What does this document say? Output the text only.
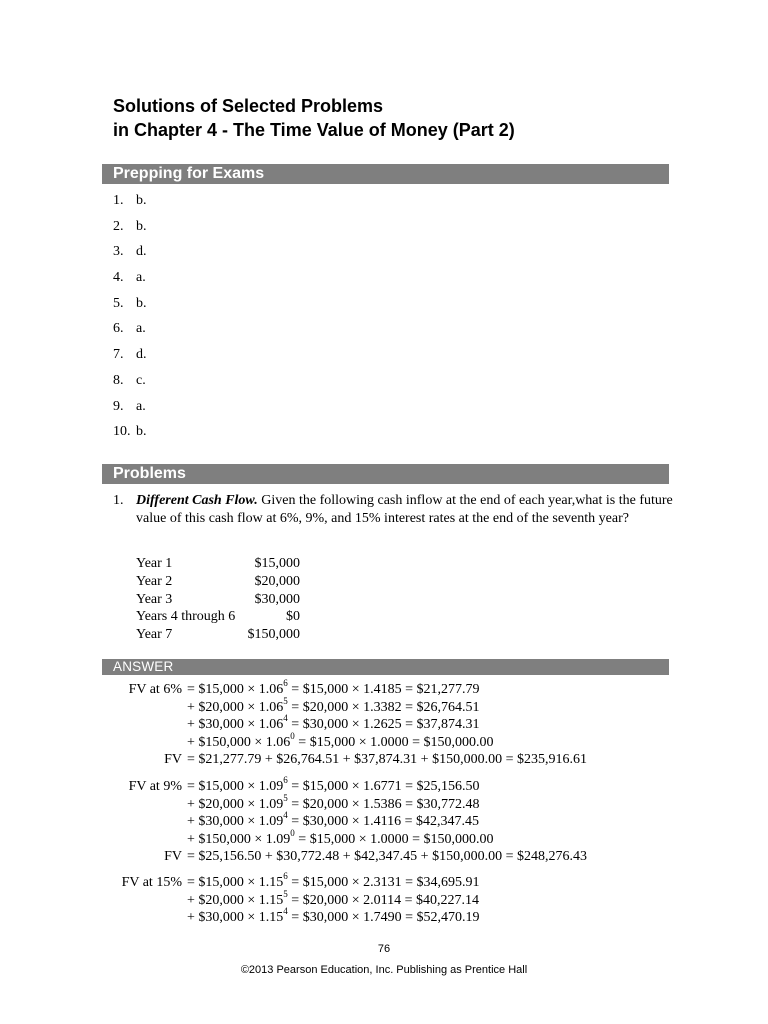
Solutions of Selected Problems
in Chapter 4 - The Time Value of Money (Part 2)
Prepping for Exams
1. b.
2. b.
3. d.
4. a.
5. b.
6. a.
7. d.
8. c.
9. a.
10. b.
Problems
1. Different Cash Flow. Given the following cash inflow at the end of each year,what is the future value of this cash flow at 6%, 9%, and 15% interest rates at the end of the seventh year?
Year 1	$15,000
Year 2	$20,000
Year 3	$30,000
Years 4 through 6	$0
Year 7	$150,000
ANSWER
FV at 6% = $15,000 × $1.06^6$ = $15,000 × 1.4185 = $21,277.79
+ $20,000 × $1.06^5$ = $20,000 × 1.3382 = $26,764.51
+ $30,000 × $1.06^4$ = $30,000 × 1.2625 = $37,874.31
+ $150,000 × $1.06^0$ = $15,000 × 1.0000 = $150,000.00
FV = $21,277.79 + $26,764.51 + $37,874.31 + $150,000.00 = $235,916.61
FV at 9% = $15,000 × $1.09^6$ = $15,000 × 1.6771 = $25,156.50
+ $20,000 × $1.09^5$ = $20,000 × 1.5386 = $30,772.48
+ $30,000 × $1.09^4$ = $30,000 × 1.4116 = $42,347.45
+ $150,000 × $1.09^0$ = $15,000 × 1.0000 = $150,000.00
FV = $25,156.50 + $30,772.48 + $42,347.45 + $150,000.00 = $248,276.43
FV at 15% = $15,000 × $1.15^6$ = $15,000 × 2.3131 = $34,695.91
+ $20,000 × $1.15^5$ = $20,000 × 2.0114 = $40,227.14
+ $30,000 × $1.15^4$ = $30,000 × 1.7490 = $52,470.19
76
©2013 Pearson Education, Inc. Publishing as Prentice Hall
